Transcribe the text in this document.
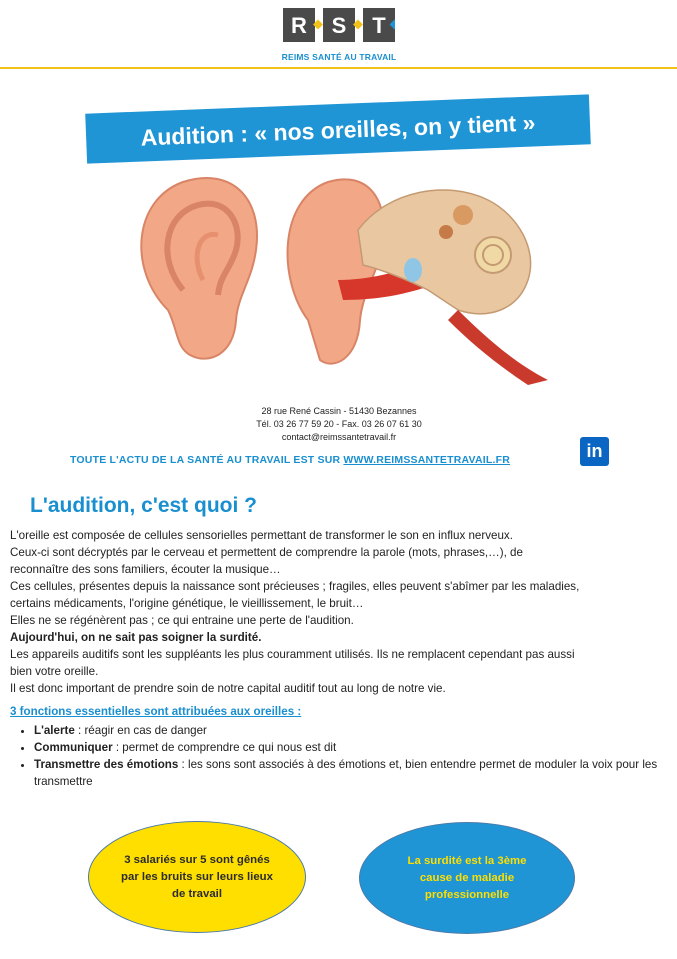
R S T
REIMS SANTÉ AU TRAVAIL
Audition : « nos oreilles, on y tient »
28 rue René Cassin - 51430 Bezannes
Tél. 03 26 77 59 20 - Fax. 03 26 07 61 30
contact@reimssantetravail.fr
TOUTE L'ACTU DE LA SANTÉ AU TRAVAIL EST SUR WWW.REIMSSANTETRAVAIL.FR	in
L'audition, c'est quoi ?
L'oreille est composée de cellules sensorielles permettant de transformer le son en influx nerveux.
Ceux-ci sont décryptés par le cerveau et permettent de comprendre la parole (mots, phrases,…), de
reconnaître des sons familiers, écouter la musique…
Ces cellules, présentes depuis la naissance sont précieuses ; fragiles, elles peuvent s'abîmer par les maladies,
certains médicaments, l'origine génétique, le vieillissement, le bruit…
Elles ne se régénèrent pas ; ce qui entraine une perte de l'audition.
Aujourd'hui, on ne sait pas soigner la surdité.
Les appareils auditifs sont les suppléants les plus couramment utilisés. Ils ne remplacent cependant pas aussi
bien votre oreille.
Il est donc important de prendre soin de notre capital auditif tout au long de notre vie.
3 fonctions essentielles sont attribuées aux oreilles :
• L'alerte : réagir en cas de danger
• Communiquer : permet de comprendre ce qui nous est dit
• Transmettre des émotions : les sons sont associés à des émotions et, bien entendre permet de moduler la voix pour les transmettre
3 salariés sur 5 sont gênés
par les bruits sur leurs lieux
de travail
La surdité est la 3ème
cause de maladie
professionnelle
